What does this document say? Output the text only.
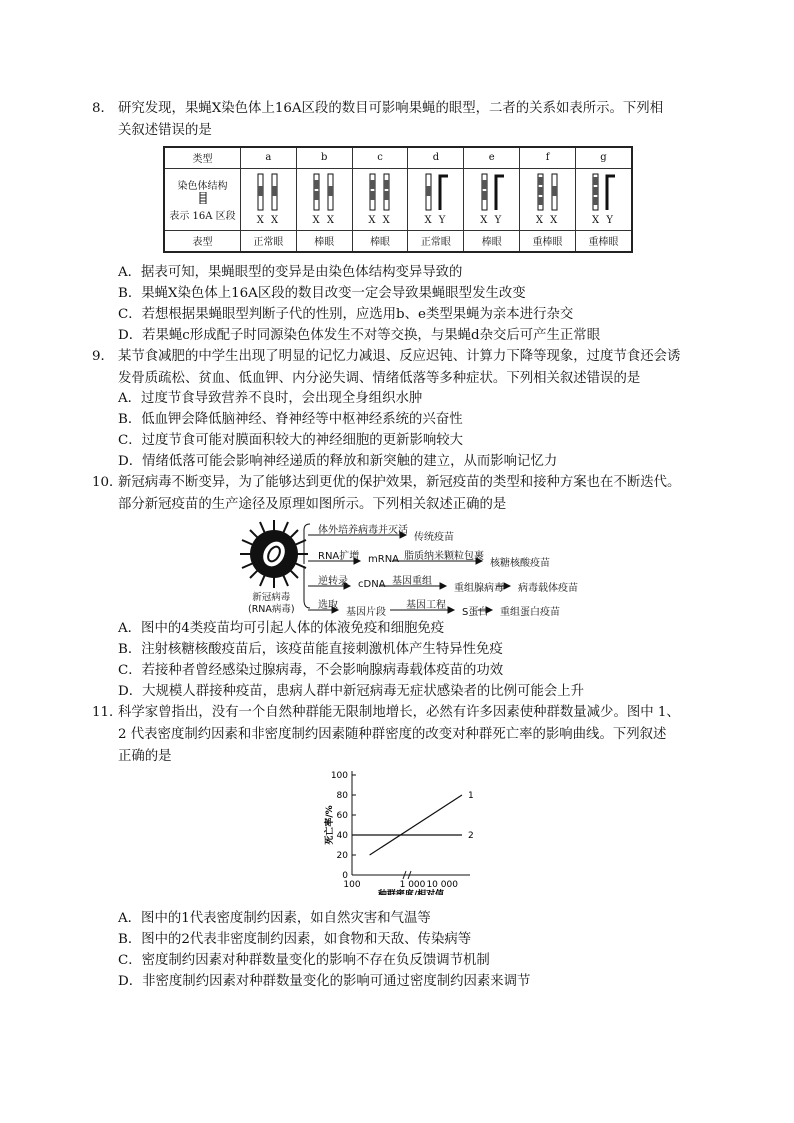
8． 研究发现，果蝇X染色体上16A区段的数目可影响果蝇的眼型，二者的关系如表所示。下列相
关叙述错误的是
类型	a	b	c	d	e	f	g

染色体结构
表示 16A 区段	X X	X X	X X	X Y	X Y	X X	X Y

表型	正常眼	棒眼	棒眼	正常眼	棒眼	重棒眼	重棒眼
A．据表可知，果蝇眼型的变异是由染色体结构变异导致的
B．果蝇X染色体上16A区段的数目改变一定会导致果蝇眼型发生改变
C．若想根据果蝇眼型判断子代的性别，应选用b、e类型果蝇为亲本进行杂交
D．若果蝇c形成配子时同源染色体发生不对等交换，与果蝇d杂交后可产生正常眼
9． 某节食减肥的中学生出现了明显的记忆力减退、反应迟钝、计算力下降等现象，过度节食还会诱
发骨质疏松、贫血、低血钾、内分泌失调、情绪低落等多种症状。下列相关叙述错误的是
A．过度节食导致营养不良时，会出现全身组织水肿
B．低血钾会降低脑神经、脊神经等中枢神经系统的兴奋性
C．过度节食可能对膜面积较大的神经细胞的更新影响较大
D．情绪低落可能会影响神经递质的释放和新突触的建立，从而影响记忆力
10．
新冠病毒不断变异，为了能够达到更优的保护效果，新冠疫苗的类型和接种方案也在不断迭代。
部分新冠疫苗的生产途径及原理如图所示。下列相关叙述正确的是
新冠病毒
(RNA病毒)
体外培养病毒并灭活
传统疫苗
RNA扩增 mRNA 脂质纳米颗粒包裹
核糖核酸疫苗
逆转录 cDNA 基因重组
重组腺病毒 病毒载体疫苗
选取
基因片段
基因工程
S蛋白 重组蛋白疫苗
A．图中的4类疫苗均可引起人体的体液免疫和细胞免疫
B．注射核糖核酸疫苗后，该疫苗能直接刺激机体产生特异性免疫
C．若接种者曾经感染过腺病毒，不会影响腺病毒载体疫苗的功效
D．大规模人群接种疫苗，患病人群中新冠病毒无症状感染者的比例可能会上升
11．
科学家曾指出，没有一个自然种群能无限制地增长，必然有许多因素使种群数量减少。图中 1、
2 代表密度制约因素和非密度制约因素随种群密度的改变对种群死亡率的影响曲线。下列叙述
正确的是
0
20
40
60
80
100
100	1 000 10 000
种群密度/相对值
死亡率/%
1
2
A．图中的1代表密度制约因素，如自然灾害和气温等
B．图中的2代表非密度制约因素，如食物和天敌、传染病等
C．密度制约因素对种群数量变化的影响不存在负反馈调节机制
D．非密度制约因素对种群数量变化的影响可通过密度制约因素来调节
